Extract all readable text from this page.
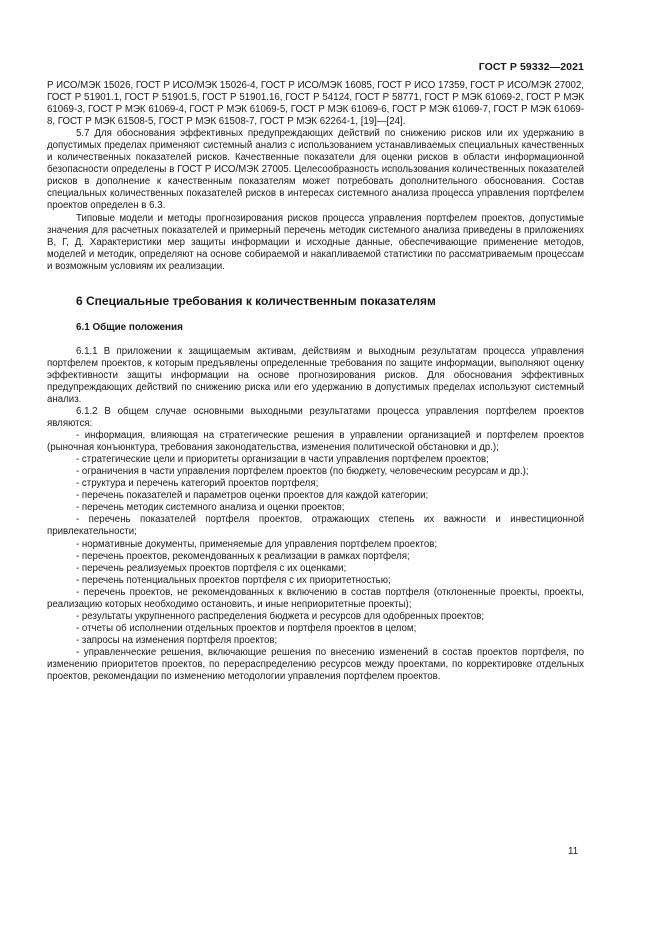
ГОСТ Р 59332—2021

Р ИСО/МЭК 15026, ГОСТ Р ИСО/МЭК 15026-4, ГОСТ Р ИСО/МЭК 16085, ГОСТ Р ИСО 17359, ГОСТ Р ИСО/МЭК 27002, ГОСТ Р 51901.1, ГОСТ Р 51901.5, ГОСТ Р 51901.16, ГОСТ Р 54124, ГОСТ Р 58771, ГОСТ Р МЭК 61069-2, ГОСТ Р МЭК 61069-3, ГОСТ Р МЭК 61069-4, ГОСТ Р МЭК 61069-5, ГОСТ Р МЭК 61069-6, ГОСТ Р МЭК 61069-7, ГОСТ Р МЭК 61069-8, ГОСТ Р МЭК 61508-5, ГОСТ Р МЭК 61508-7, ГОСТ Р МЭК 62264-1, [19]—[24].

5.7 Для обоснования эффективных предупреждающих действий по снижению рисков или их удержанию в допустимых пределах применяют системный анализ с использованием устанавливаемых специальных качественных и количественных показателей рисков. Качественные показатели для оценки рисков в области информационной безопасности определены в ГОСТ Р ИСО/МЭК 27005. Целесообразность использования количественных показателей рисков в дополнение к качественным показателям может потребовать дополнительного обоснования. Состав специальных количественных показателей рисков в интересах системного анализа процесса управления портфелем проектов определен в 6.3.

Типовые модели и методы прогнозирования рисков процесса управления портфелем проектов, допустимые значения для расчетных показателей и примерный перечень методик системного анализа приведены в приложениях В, Г, Д. Характеристики мер защиты информации и исходные данные, обеспечивающие применение методов, моделей и методик, определяют на основе собираемой и накапливаемой статистики по рассматриваемым процессам и возможным условиям их реализации.

6 Специальные требования к количественным показателям
6.1 Общие положения

6.1.1 В приложении к защищаемым активам, действиям и выходным результатам процесса управления портфелем проектов, к которым предъявлены определенные требования по защите информации, выполняют оценку эффективности защиты информации на основе прогнозирования рисков. Для обоснования эффективных предупреждающих действий по снижению риска или его удержанию в допустимых пределах используют системный анализ.

6.1.2 В общем случае основными выходными результатами процесса управления портфелем проектов являются:

- информация, влияющая на стратегические решения в управлении организацией и портфелем проектов (рыночная конъюнктура, требования законодательства, изменения политической обстановки и др.);

- стратегические цели и приоритеты организации в части управления портфелем проектов;

- ограничения в части управления портфелем проектов (по бюджету, человеческим ресурсам и др.);

- структура и перечень категорий проектов портфеля;

- перечень показателей и параметров оценки проектов для каждой категории;

- перечень методик системного анализа и оценки проектов;

- перечень показателей портфеля проектов, отражающих степень их важности и инвестиционной привлекательности;

- нормативные документы, применяемые для управления портфелем проектов;

- перечень проектов, рекомендованных к реализации в рамках портфеля;

- перечень реализуемых проектов портфеля с их оценками;

- перечень потенциальных проектов портфеля с их приоритетностью;

- перечень проектов, не рекомендованных к включению в состав портфеля (отклоненные проекты, проекты, реализацию которых необходимо остановить, и иные неприоритетные проекты);

- результаты укрупненного распределения бюджета и ресурсов для одобренных проектов;

- отчеты об исполнении отдельных проектов и портфеля проектов в целом;

- запросы на изменения портфеля проектов;

- управленческие решения, включающие решения по внесению изменений в состав проектов портфеля, по изменению приоритетов проектов, по перераспределению ресурсов между проектами, по корректировке отдельных проектов, рекомендации по изменению методологии управления портфелем проектов.

11
